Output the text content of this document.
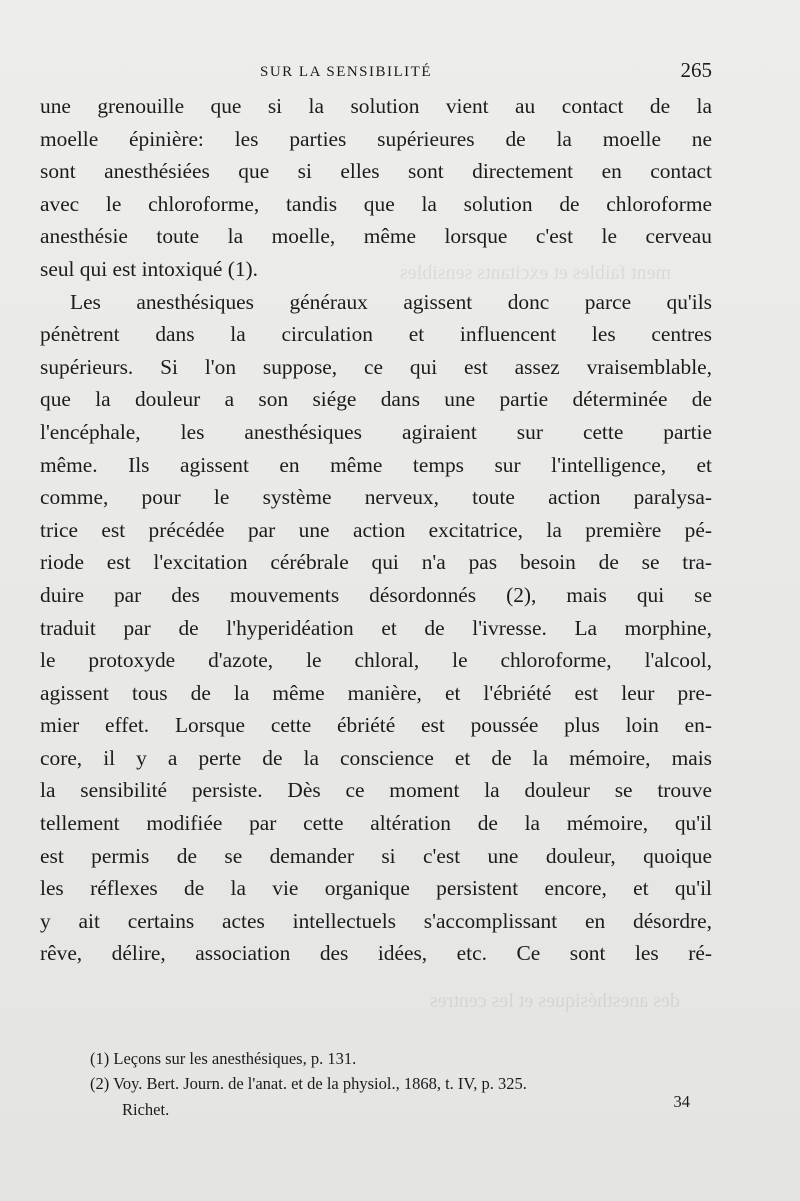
ment faibles et excitants sensibles
des anesthésiques et les centres
SUR LA SENSIBILITÉ	265
une grenouille que si la solution vient au contact de la
moelle épinière: les parties supérieures de la moelle ne
sont anesthésiées que si elles sont directement en contact
avec le chloroforme, tandis que la solution de chloroforme
anesthésie toute la moelle, même lorsque c'est le cerveau
seul qui est intoxiqué (1).
Les anesthésiques généraux agissent donc parce qu'ils
pénètrent dans la circulation et influencent les centres
supérieurs. Si l'on suppose, ce qui est assez vraisemblable,
que la douleur a son siége dans une partie déterminée de
l'encéphale, les anesthésiques agiraient sur cette partie
même. Ils agissent en même temps sur l'intelligence, et
comme, pour le système nerveux, toute action paralysa-
trice est précédée par une action excitatrice, la première pé-
riode est l'excitation cérébrale qui n'a pas besoin de se tra-
duire par des mouvements désordonnés (2), mais qui se
traduit par de l'hyperidéation et de l'ivresse. La morphine,
le protoxyde d'azote, le chloral, le chloroforme, l'alcool,
agissent tous de la même manière, et l'ébriété est leur pre-
mier effet. Lorsque cette ébriété est poussée plus loin en-
core, il y a perte de la conscience et de la mémoire, mais
la sensibilité persiste. Dès ce moment la douleur se trouve
tellement modifiée par cette altération de la mémoire, qu'il
est permis de se demander si c'est une douleur, quoique
les réflexes de la vie organique persistent encore, et qu'il
y ait certains actes intellectuels s'accomplissant en désordre,
rêve, délire, association des idées, etc. Ce sont les ré-
(1) Leçons sur les anesthésiques, p. 131.
(2) Voy. Bert. Journ. de l'anat. et de la physiol., 1868, t. IV, p. 325.
Richet.	34
